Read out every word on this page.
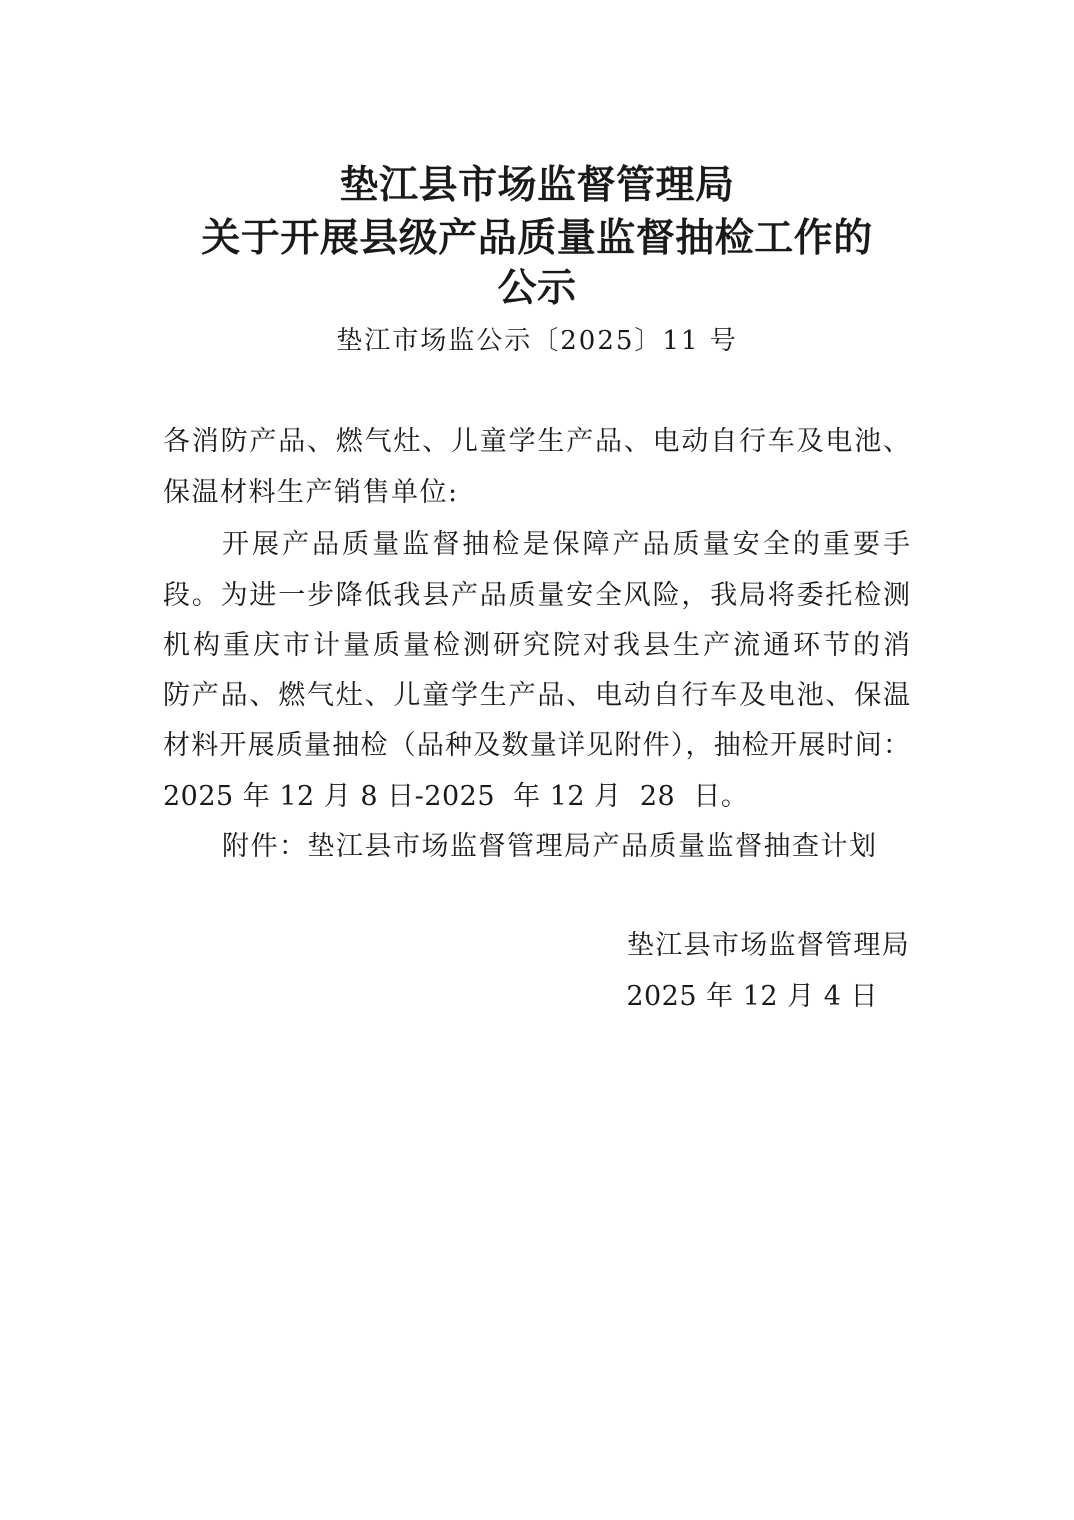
垫江县市场监督管理局
关于开展县级产品质量监督抽检工作的
公示
垫江市场监公示〔2025〕11 号
各消防产品、燃气灶、儿童学生产品、电动自行车及电池、
保温材料生产销售单位:
开展产品质量监督抽检是保障产品质量安全的重要手
段。为进一步降低我县产品质量安全风险，我局将委托检测
机构重庆市计量质量检测研究院对我县生产流通环节的消
防产品、燃气灶、儿童学生产品、电动自行车及电池、保温
材料开展质量抽检（品种及数量详见附件），抽检开展时间：
2025 年 12 月 8 日-2025  年 12 月  28  日。
附件：垫江县市场监督管理局产品质量监督抽查计划
垫江县市场监督管理局
2025 年 12 月 4 日
